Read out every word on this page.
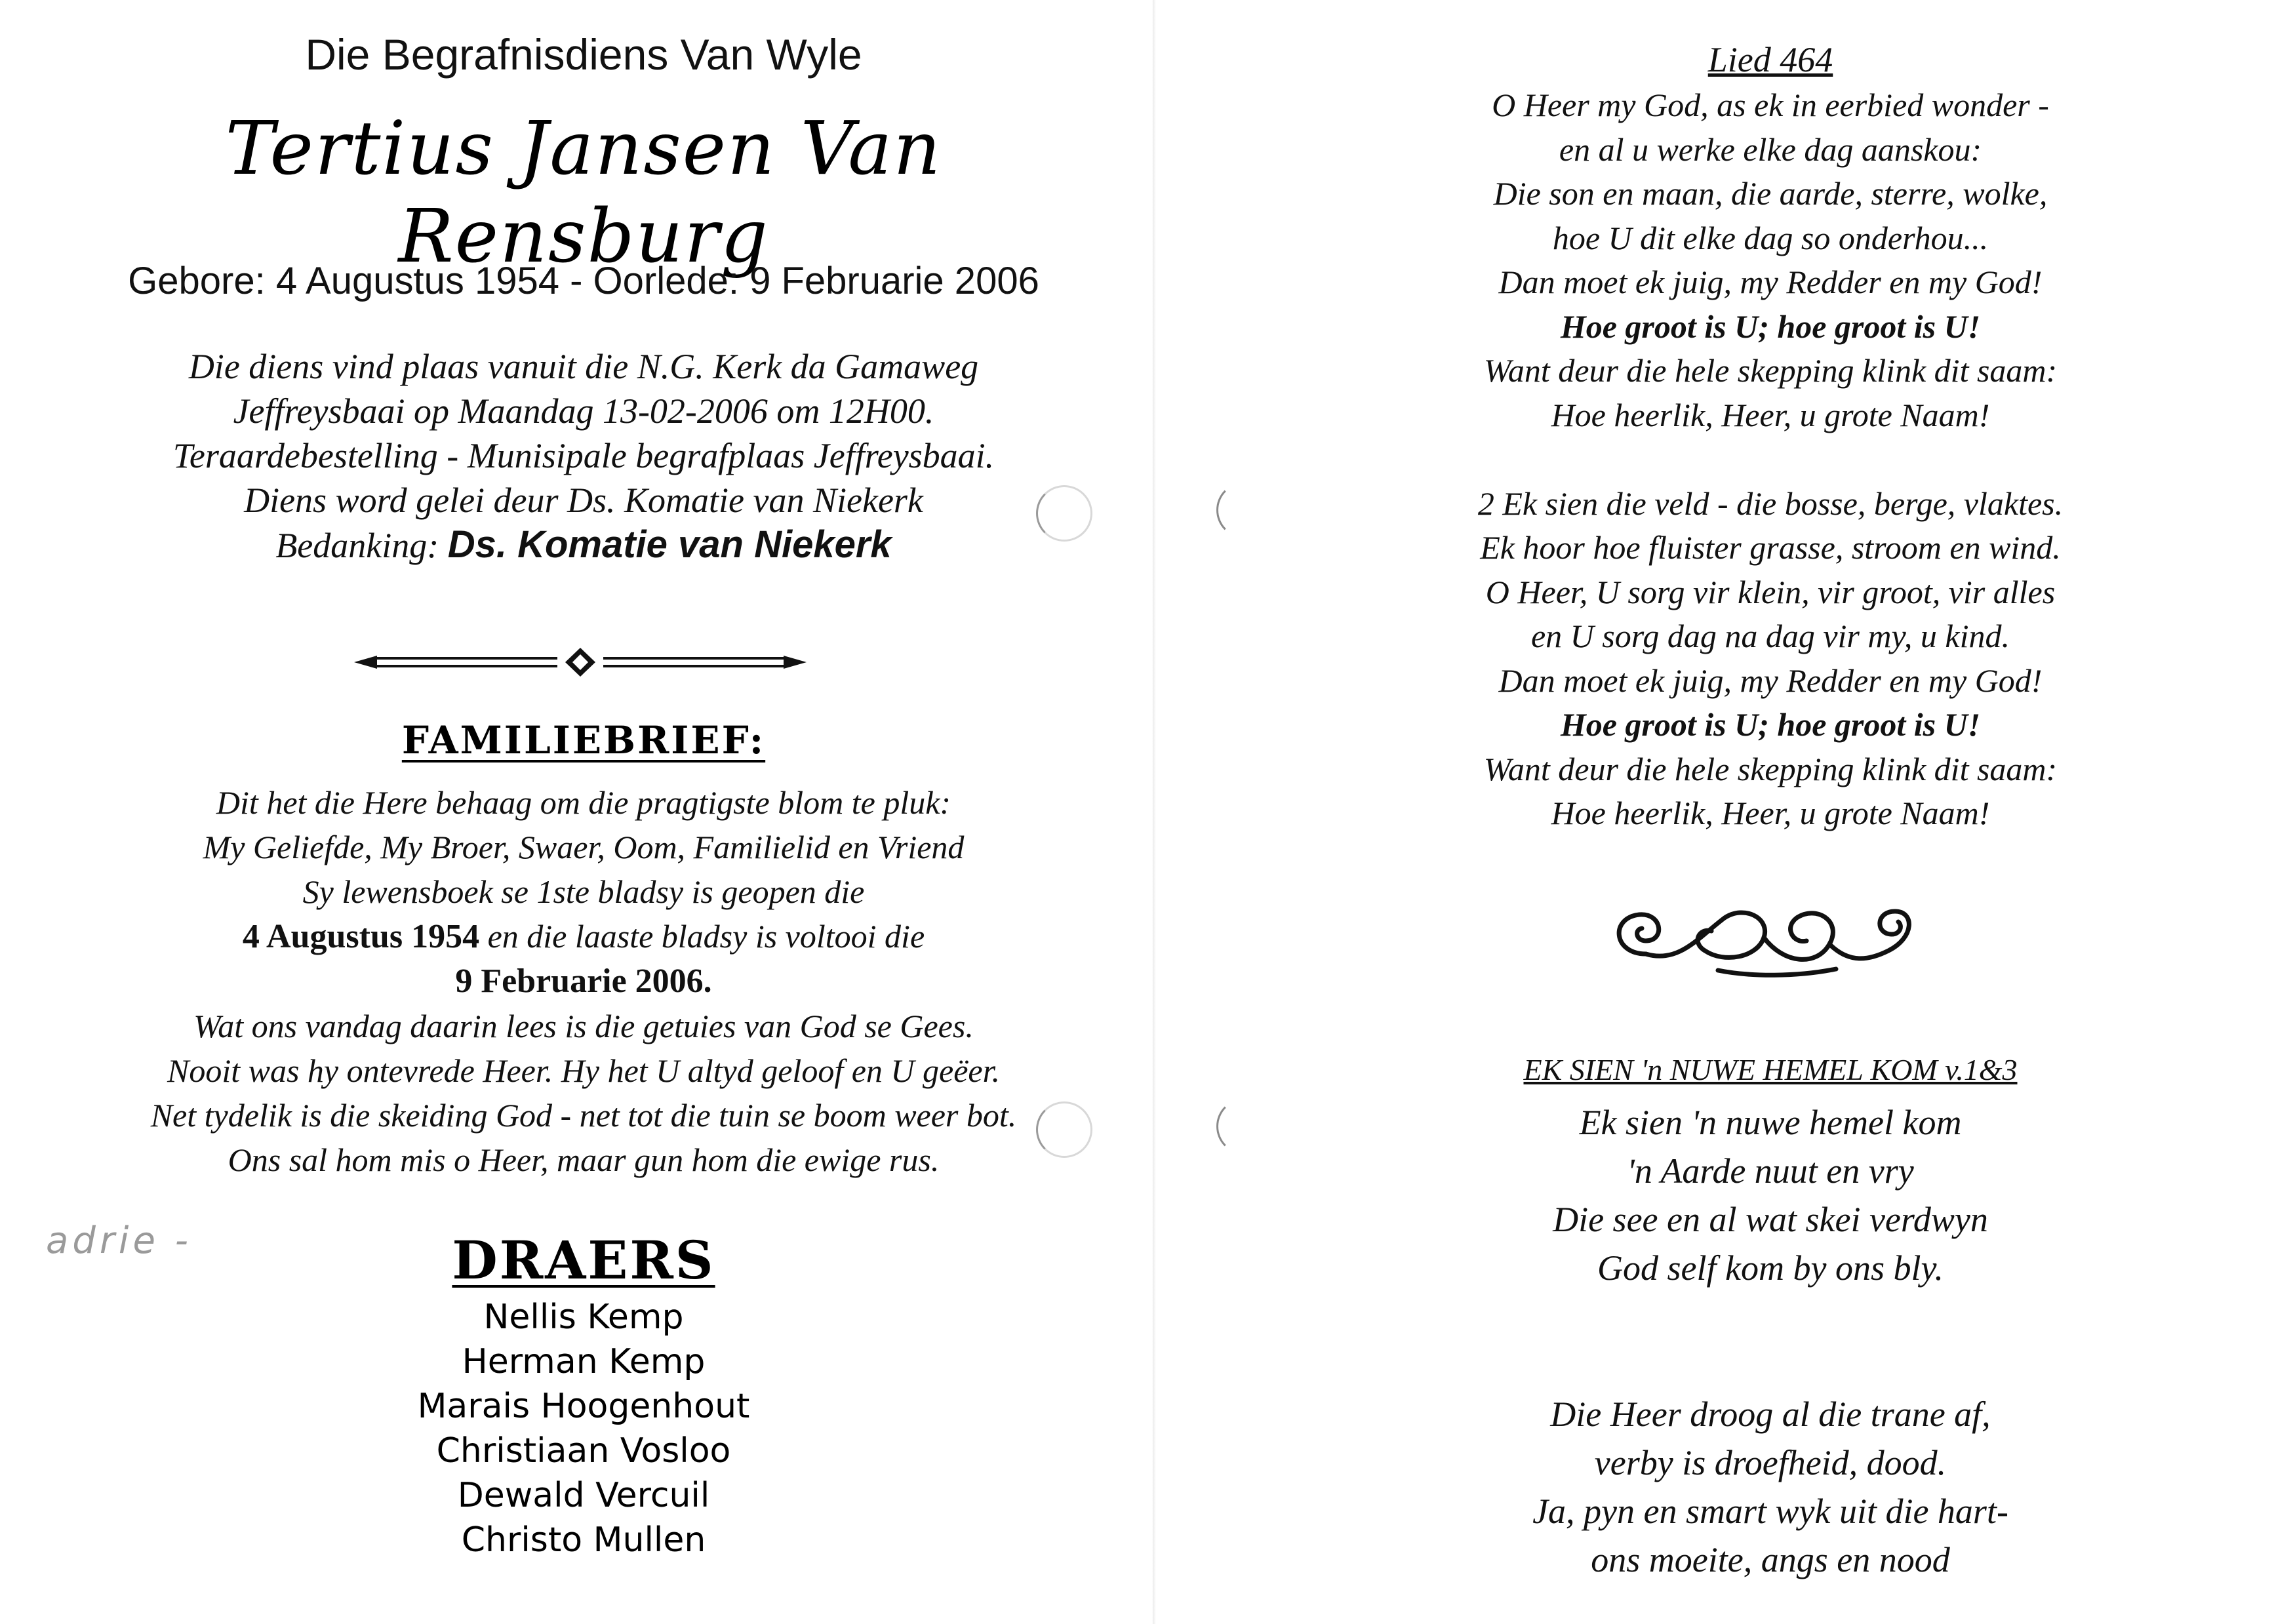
Die Begrafnisdiens Van Wyle
Tertius Jansen Van Rensburg
Gebore: 4 Augustus 1954 - Oorlede: 9 Februarie 2006
Die diens vind plaas vanuit die N.G. Kerk da Gamaweg
Jeffreysbaai op Maandag 13-02-2006 om 12H00.
Teraardebestelling - Munisipale begrafplaas Jeffreysbaai.
Diens word gelei deur Ds. Komatie van Niekerk
Bedanking: Ds. Komatie van Niekerk
FAMILIEBRIEF:
Dit het die Here behaag om die pragtigste blom te pluk:
My Geliefde, My Broer, Swaer, Oom, Familielid en Vriend
Sy lewensboek se 1ste bladsy is geopen die
4 Augustus 1954 en die laaste bladsy is voltooi die
9 Februarie 2006.
Wat ons vandag daarin lees is die getuies van God se Gees.
Nooit was hy ontevrede Heer. Hy het U altyd geloof en U geëer.
Net tydelik is die skeiding God - net tot die tuin se boom weer bot.
Ons sal hom mis o Heer, maar gun hom die ewige rus.
DRAERS
Nellis Kemp
Herman Kemp
Marais Hoogenhout
Christiaan Vosloo
Dewald Vercuil
Christo Mullen
adrie -
Lied 464
O Heer my God, as ek in eerbied wonder -
en al u werke elke dag aanskou:
Die son en maan, die aarde, sterre, wolke,
hoe U dit elke dag so onderhou...
Dan moet ek juig, my Redder en my God!
Hoe groot is U; hoe groot is U!
Want deur die hele skepping klink dit saam:
Hoe heerlik, Heer, u grote Naam!
2 Ek sien die veld - die bosse, berge, vlaktes.
Ek hoor hoe fluister grasse, stroom en wind.
O Heer, U sorg vir klein, vir groot, vir alles
en U sorg dag na dag vir my, u kind.
Dan moet ek juig, my Redder en my God!
Hoe groot is U; hoe groot is U!
Want deur die hele skepping klink dit saam:
Hoe heerlik, Heer, u grote Naam!
EK SIEN 'n NUWE HEMEL KOM v.1&3
Ek sien 'n nuwe hemel kom
'n Aarde nuut en vry
Die see en al wat skei verdwyn
God self kom by ons bly.
Die Heer droog al die trane af,
verby is droefheid, dood.
Ja, pyn en smart wyk uit die hart-
ons moeite, angs en nood
